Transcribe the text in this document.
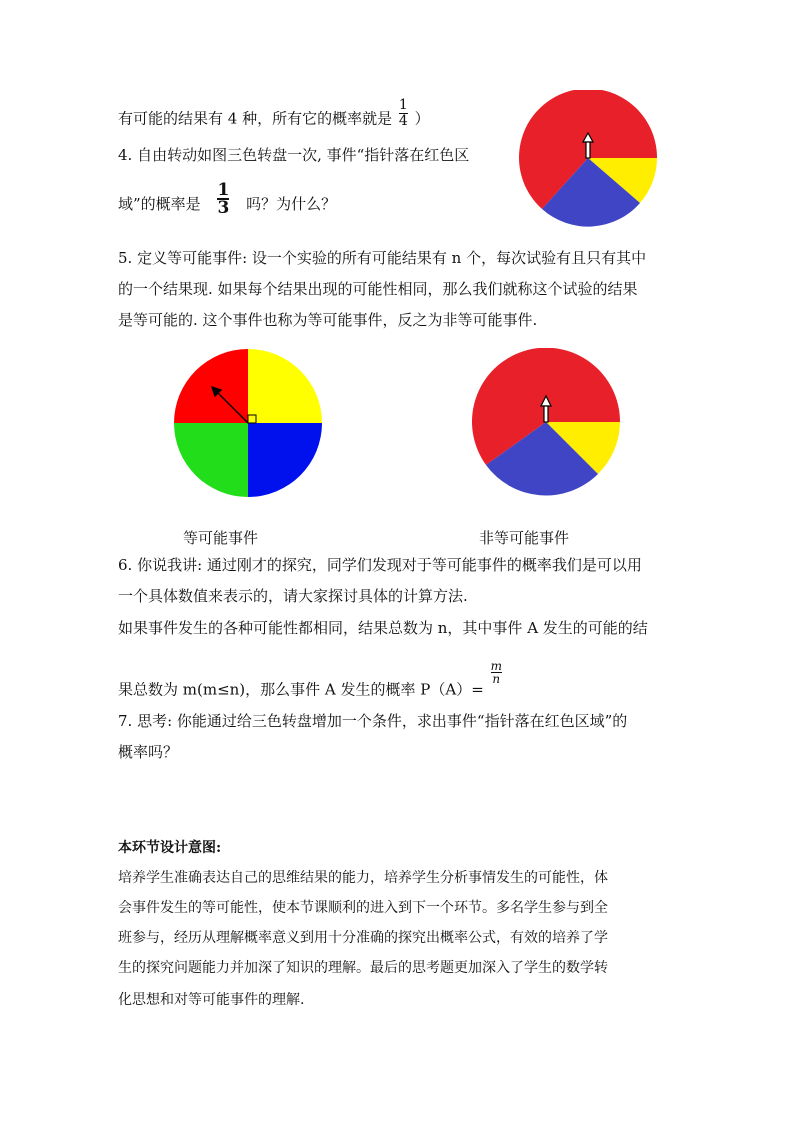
有可能的结果有 4 种，所有它的概率就是 $\frac{1}{4}$ ）
4. 自由转动如图三色转盘一次, 事件“指针落在红色区
域”的概率是 $\frac{1}{3}$ 吗？为什么？
5. 定义等可能事件: 设一个实验的所有可能结果有 n 个，每次试验有且只有其中
的一个结果现. 如果每个结果出现的可能性相同，那么我们就称这个试验的结果
是等可能的. 这个事件也称为等可能事件，反之为非等可能事件.
等可能事件	非等可能事件
6. 你说我讲: 通过刚才的探究，同学们发现对于等可能事件的概率我们是可以用
一个具体数值来表示的，请大家探讨具体的计算方法.
如果事件发生的各种可能性都相同，结果总数为 n，其中事件 A 发生的可能的结
果总数为 m(m≤n)，那么事件 A 发生的概率 $P(A)= \frac{m}{n}$
7. 思考: 你能通过给三色转盘增加一个条件，求出事件“指针落在红色区域”的
概率吗？
本环节设计意图:
培养学生准确表达自己的思维结果的能力，培养学生分析事情发生的可能性，体
会事件发生的等可能性，使本节课顺利的进入到下一个环节。多名学生参与到全
班参与，经历从理解概率意义到用十分准确的探究出概率公式，有效的培养了学
生的探究问题能力并加深了知识的理解。最后的思考题更加深入了学生的数学转
化思想和对等可能事件的理解.
